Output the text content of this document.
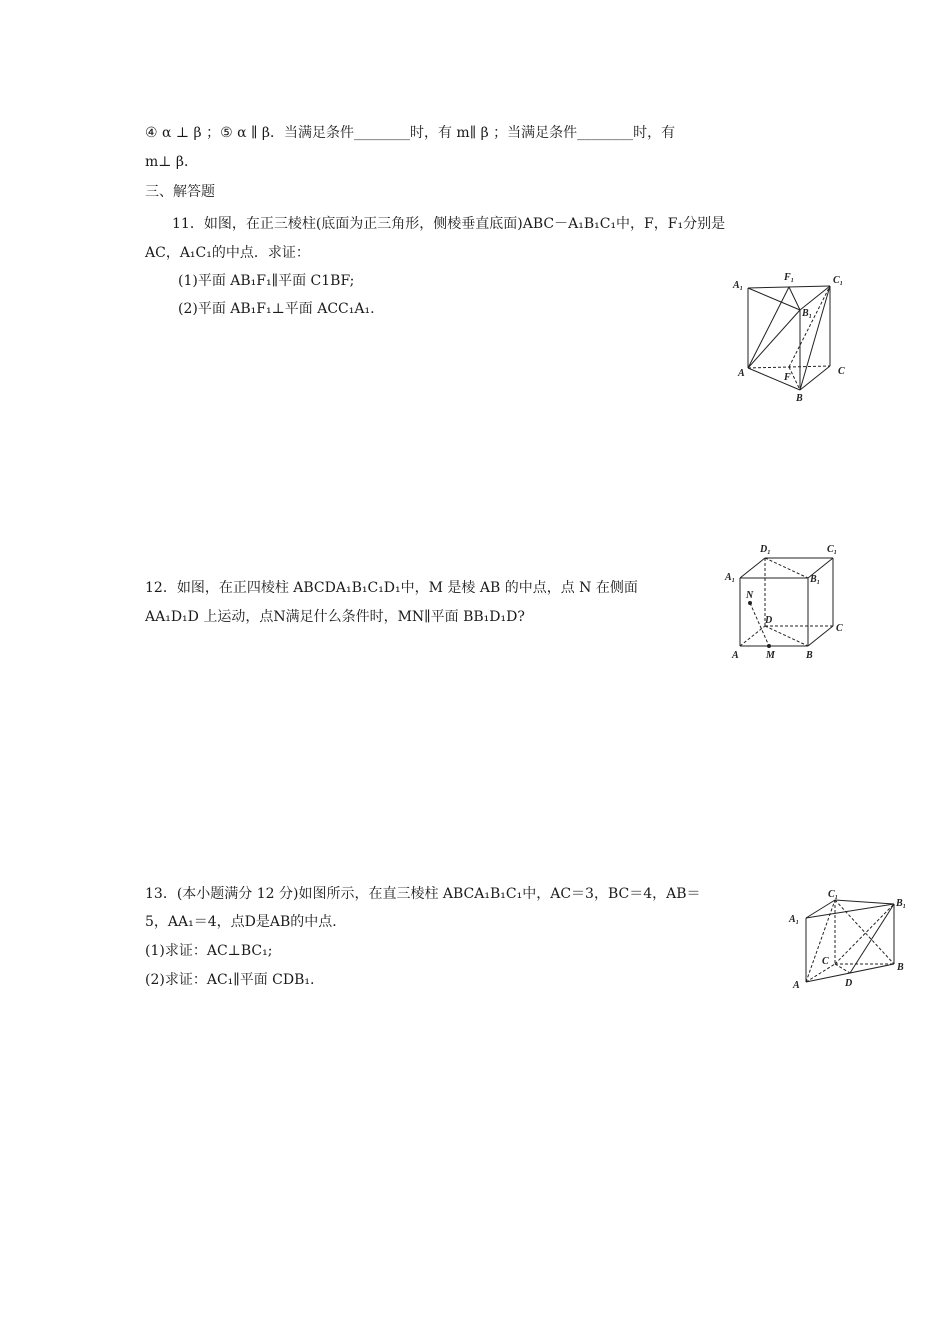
④ α ⊥ β ；⑤ α ∥ β．当满足条件________时，有 m∥ β ；当满足条件________时，有
m⊥ β．
三、解答题
11．如图，在正三棱柱(底面为正三角形，侧棱垂直底面)ABC－A₁B₁C₁中，F，F₁分别是
AC，A₁C₁的中点．求证：
(1)平面 AB₁F₁∥平面 C1BF;
(2)平面 AB₁F₁⊥平面 ACC₁A₁.
A₁
F₁	C₁
B₁
A	F
C
B
12．如图，在正四棱柱 ABCDA₁B₁C₁D₁中，M 是棱 AB 的中点，点 N 在侧面
AA₁D₁D 上运动，点N满足什么条件时，MN∥平面 BB₁D₁D?
D₁	C₁
A₁	B₁
N
D
C
A	M	B
13．(本小题满分 12 分)如图所示，在直三棱柱 ABCA₁B₁C₁中，AC＝3，BC＝4，AB＝
5，AA₁＝4，点D是AB的中点．
(1)求证：AC⊥BC₁;
(2)求证：AC₁∥平面 CDB₁.
C₁
B₁
A₁
C
B
A	D
